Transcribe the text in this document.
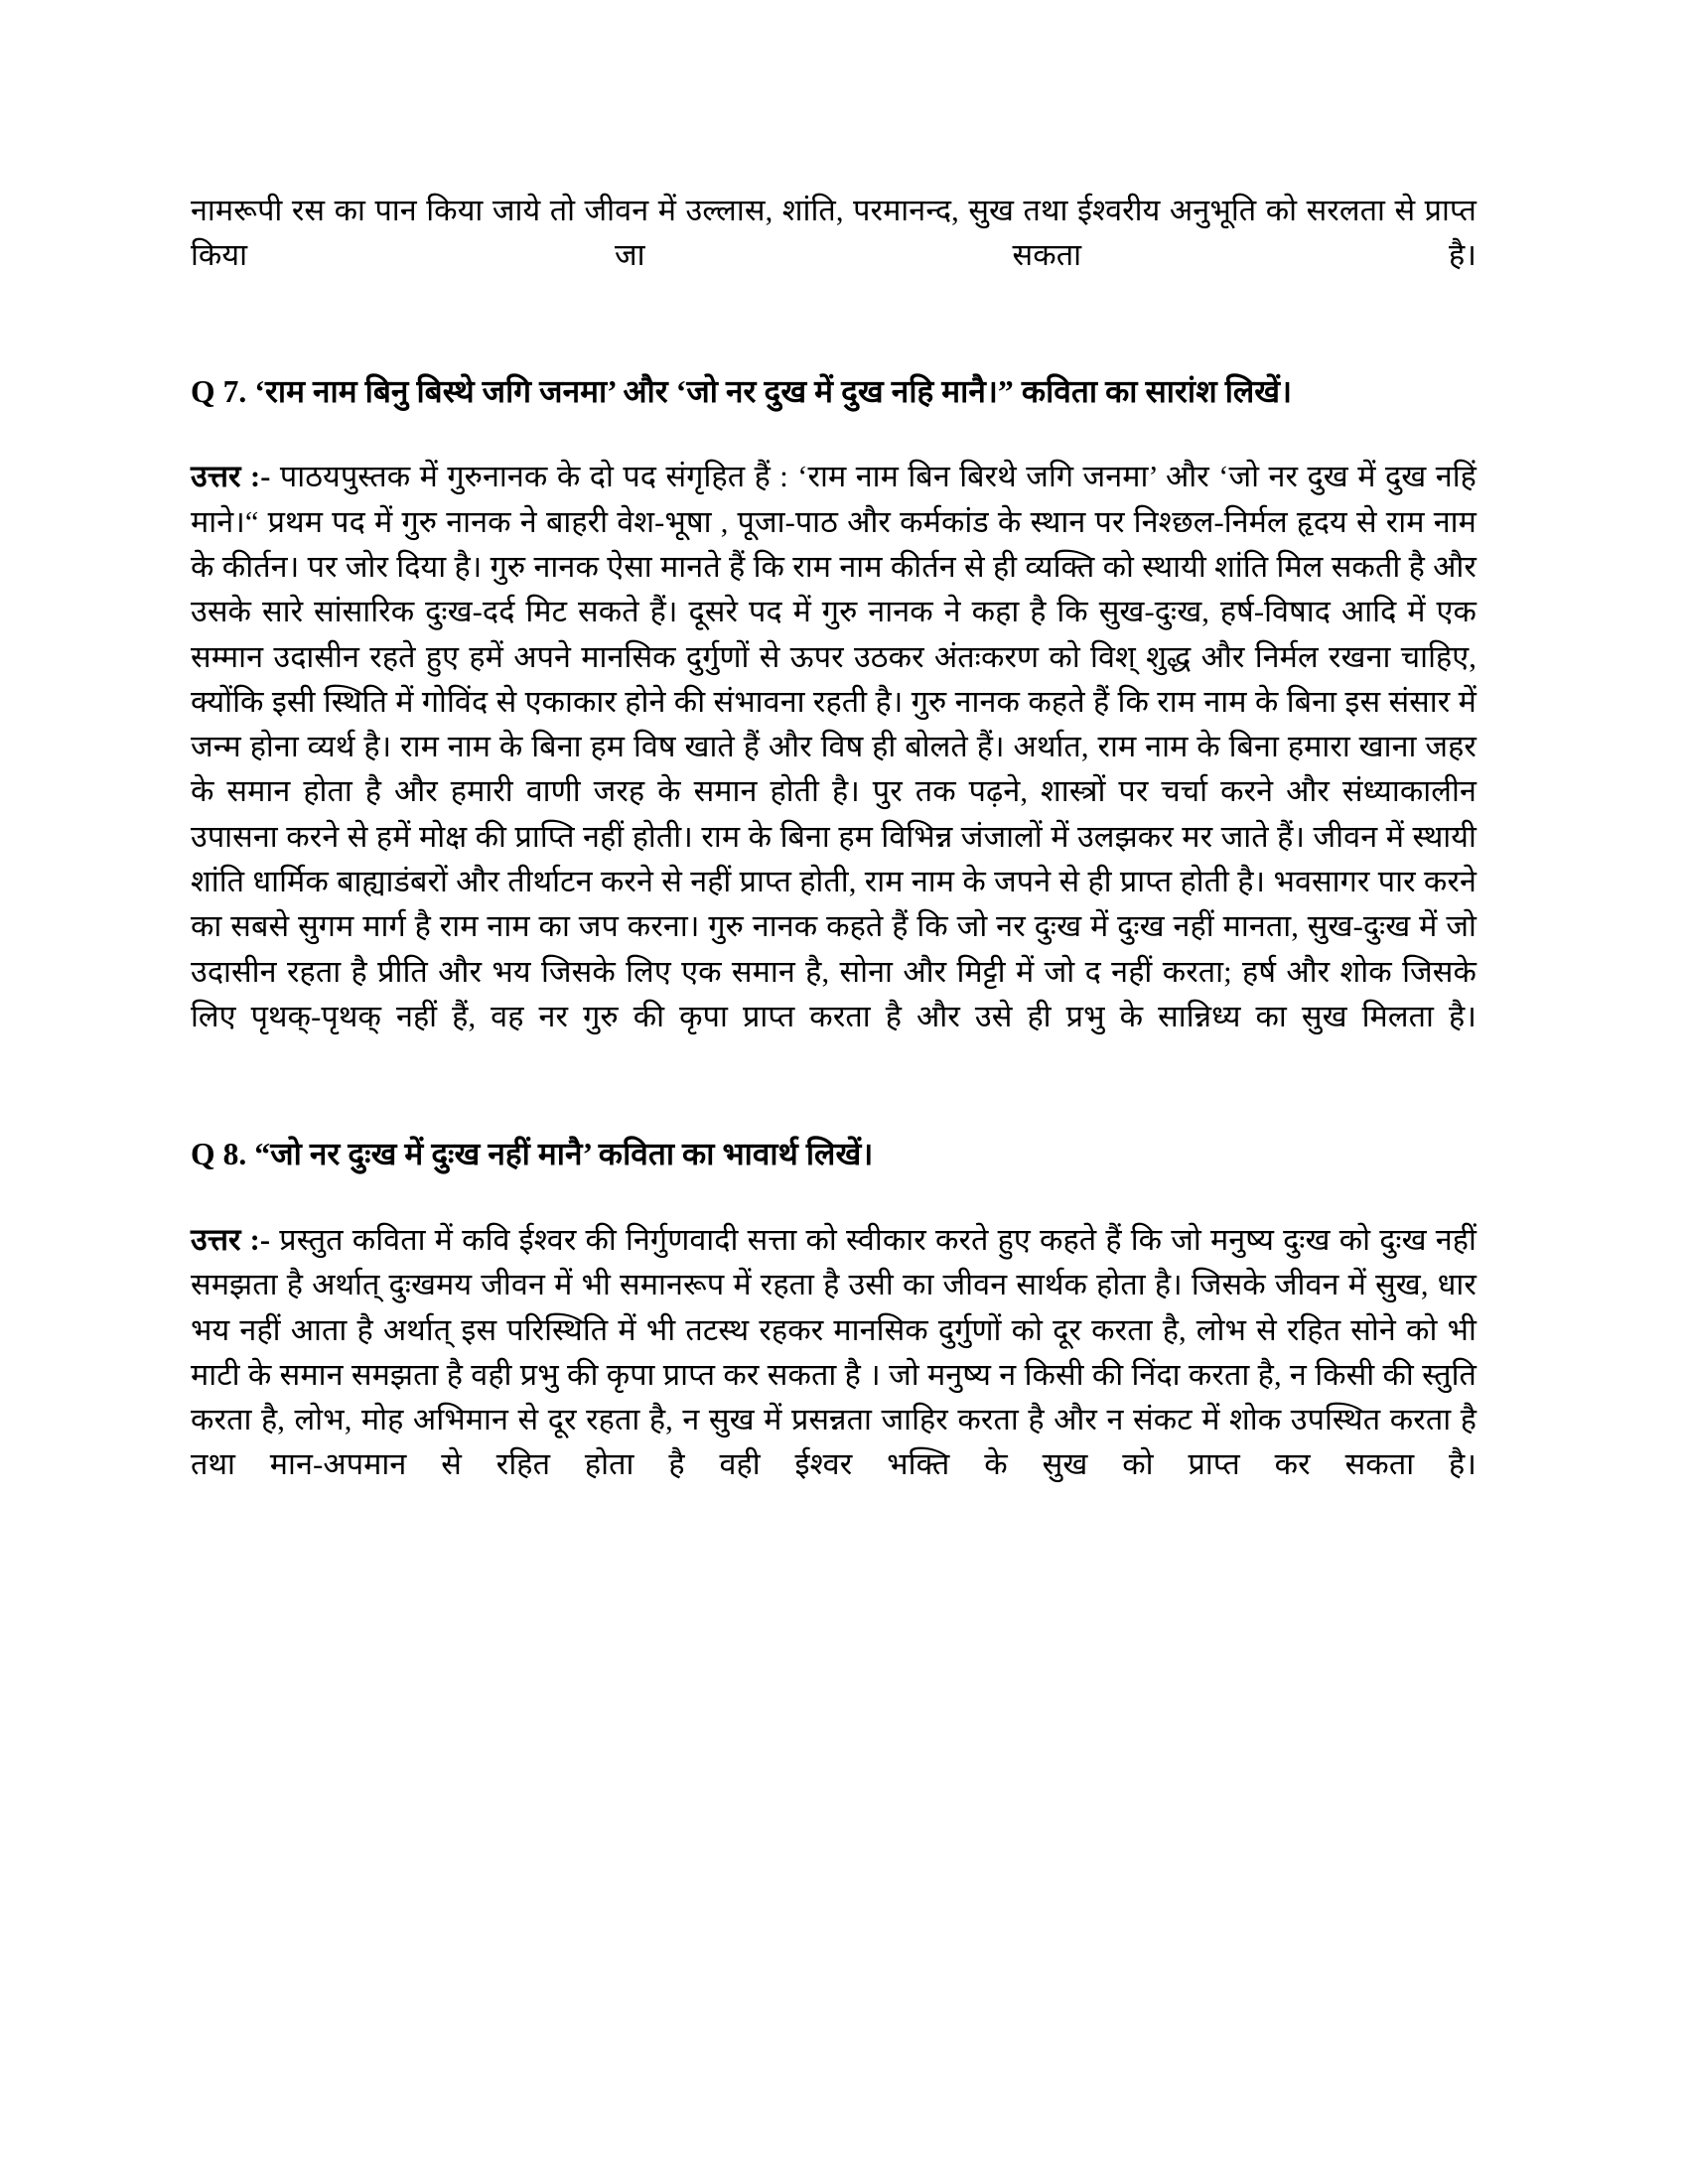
नामरूपी रस का पान किया जाये तो जीवन में उल्लास, शांति, परमानन्द, सुख तथा ईश्वरीय अनुभूति को सरलता से प्राप्त किया जा सकता है।

Q 7. ‘राम नाम बिनु बिस्थे जगि जनमा’ और ‘जो नर दुख में दुख नहि मानै।” कविता का सारांश लिखें।

उत्तर :- पाठयपुस्तक में गुरुनानक के दो पद संगृहित हैं : ‘राम नाम बिन बिरथे जगि जनमा’ और ‘जो नर दुख में दुख नहिं माने।“ प्रथम पद में गुरु नानक ने बाहरी वेश-भूषा , पूजा-पाठ और कर्मकांड के स्थान पर निश्छल-निर्मल हृदय से राम नाम के कीर्तन। पर जोर दिया है। गुरु नानक ऐसा मानते हैं कि राम नाम कीर्तन से ही व्यक्ति को स्थायी शांति मिल सकती है और उसके सारे सांसारिक दुःख-दर्द मिट सकते हैं। दूसरे पद में गुरु नानक ने कहा है कि सुख-दुःख, हर्ष-विषाद आदि में एक सम्मान उदासीन रहते हुए हमें अपने मानसिक दुर्गुणों से ऊपर उठकर अंतःकरण को विश् शुद्ध और निर्मल रखना चाहिए, क्योंकि इसी स्थिति में गोविंद से एकाकार होने की संभावना रहती है। गुरु नानक कहते हैं कि राम नाम के बिना इस संसार में जन्म होना व्यर्थ है। राम नाम के बिना हम विष खाते हैं और विष ही बोलते हैं। अर्थात, राम नाम के बिना हमारा खाना जहर के समान होता है और हमारी वाणी जरह के समान होती है। पुर तक पढ़ने, शास्त्रों पर चर्चा करने और संध्याकालीन उपासना करने से हमें मोक्ष की प्राप्ति नहीं होती। राम के बिना हम विभिन्न जंजालों में उलझकर मर जाते हैं। जीवन में स्थायी शांति धार्मिक बाह्याडंबरों और तीर्थाटन करने से नहीं प्राप्त होती, राम नाम के जपने से ही प्राप्त होती है। भवसागर पार करने का सबसे सुगम मार्ग है राम नाम का जप करना। गुरु नानक कहते हैं कि जो नर दुःख में दुःख नहीं मानता, सुख-दुःख में जो उदासीन रहता है प्रीति और भय जिसके लिए एक समान है, सोना और मिट्टी में जो द नहीं करता; हर्ष और शोक जिसके लिए पृथक्-पृथक् नहीं हैं, वह नर गुरु की कृपा प्राप्त करता है और उसे ही प्रभु के सान्निध्य का सुख मिलता है।

Q 8. “जो नर दुःख में दुःख नहीं मानै’ कविता का भावार्थ लिखें।

उत्तर :- प्रस्तुत कविता में कवि ईश्वर की निर्गुणवादी सत्ता को स्वीकार करते हुए कहते हैं कि जो मनुष्य दुःख को दुःख नहीं समझता है अर्थात् दुःखमय जीवन में भी समानरूप में रहता है उसी का जीवन सार्थक होता है। जिसके जीवन में सुख, धार भय नहीं आता है अर्थात् इस परिस्थिति में भी तटस्थ रहकर मानसिक दुर्गुणों को दूर करता है, लोभ से रहित सोने को भी माटी के समान समझता है वही प्रभु की कृपा प्राप्त कर सकता है । जो मनुष्य न किसी की निंदा करता है, न किसी की स्तुति करता है, लोभ, मोह अभिमान से दूर रहता है, न सुख में प्रसन्नता जाहिर करता है और न संकट में शोक उपस्थित करता है तथा मान-अपमान से रहित होता है वही ईश्वर भक्ति के सुख को प्राप्त कर सकता है।
